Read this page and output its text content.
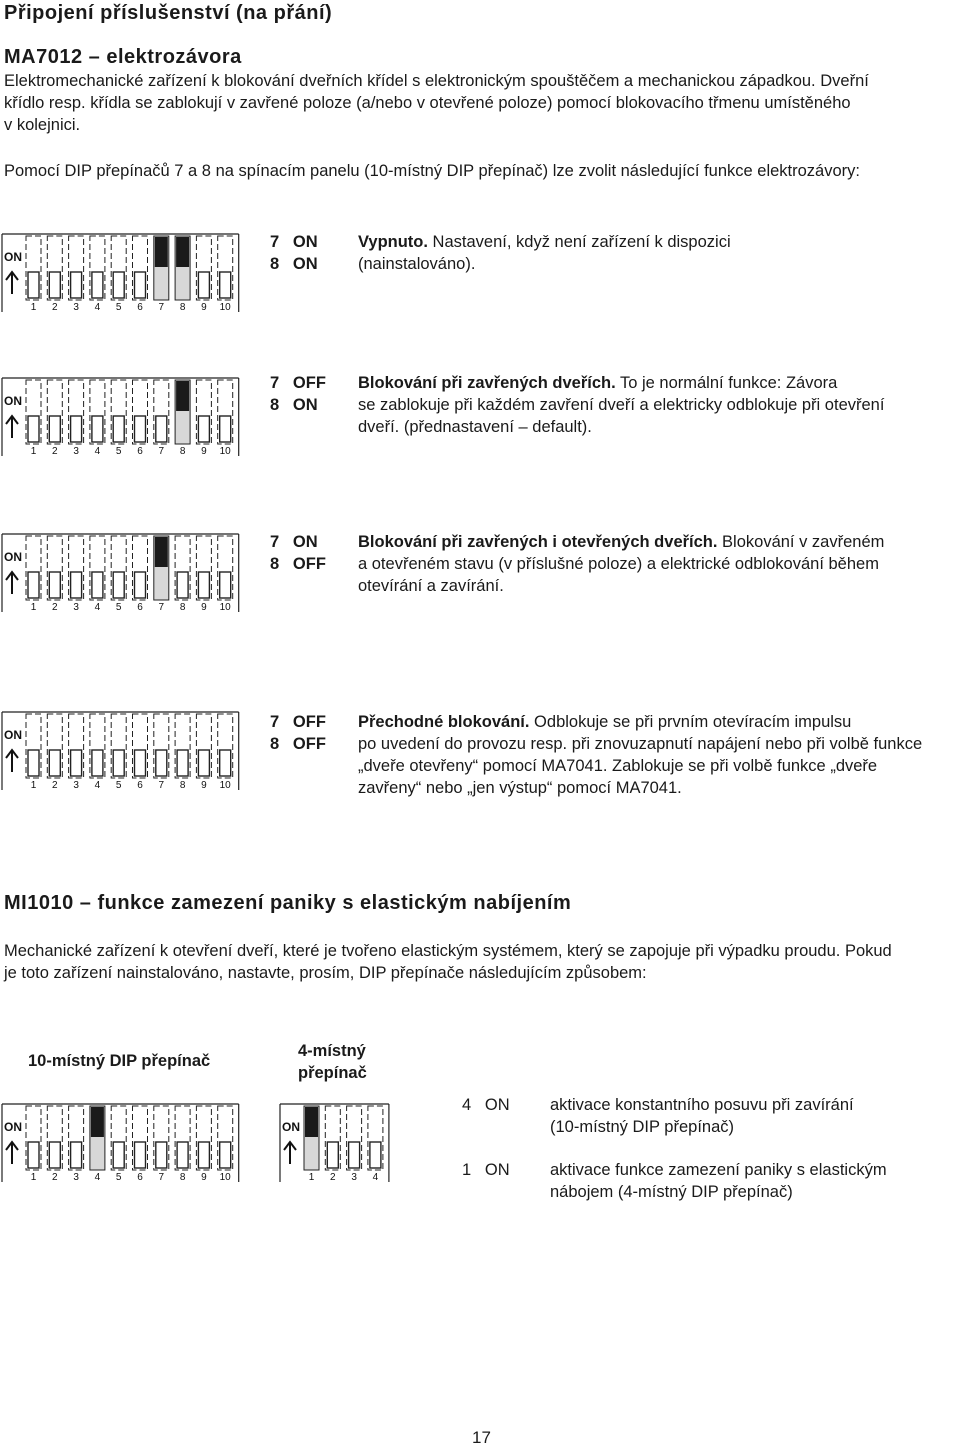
Připojení příslušenství (na přání)
MA7012 – elektrozávora
Elektromechanické zařízení k blokování dveřních křídel s elektronickým spouštěčem a mechanickou západkou. Dveřní
křídlo resp. křídla se zablokují v zavřené poloze (a/nebo v otevřené poloze) pomocí blokovacího třmenu umístěného
v kolejnici.
Pomocí DIP přepínačů 7 a 8 na spínacím panelu (10-místný DIP přepínač) lze zvolit následující funkce elektrozávory:
ON
1 2 3 4 5 6 7 8 9 10
7   ON
8   ON
Vypnuto. Nastavení, když není zařízení k dispozici
(nainstalováno).
ON
1 2 3 4 5 6 7 8 9 10
7   OFF
8   ON
Blokování při zavřených dveřích. To je normální funkce: Závora
se zablokuje při každém zavření dveří a elektricky odblokuje při otevření
dveří. (přednastavení – default).
ON
1 2 3 4 5 6 7 8 9 10
7   ON
8   OFF
Blokování při zavřených i otevřených dveřích. Blokování v zavřeném
a otevřeném stavu (v příslušné poloze) a elektrické odblokování během
otevírání a zavírání.
ON
1 2 3 4 5 6 7 8 9 10
7   OFF
8   OFF
Přechodné blokování. Odblokuje se při prvním otevíracím impulsu
po uvedení do provozu resp. při znovuzapnutí napájení nebo při volbě funkce
„dveře otevřeny“ pomocí MA7041. Zablokuje se při volbě funkce „dveře
zavřeny“ nebo „jen výstup“ pomocí MA7041.
MI1010 – funkce zamezení paniky s elastickým nabíjením
Mechanické zařízení k otevření dveří, které je tvořeno elastickým systémem, který se zapojuje při výpadku proudu. Pokud
je toto zařízení nainstalováno, nastavte, prosím, DIP přepínače následujícím způsobem:
10-místný DIP přepínač
4-místný
přepínač
ON
1 2 3 4 5 6 7 8 9 10
ON
1 2 3 4
4   ON aktivace konstantního posuvu při zavírání
(10-místný DIP přepínač)
1   ON aktivace funkce zamezení paniky s elastickým
nábojem (4-místný DIP přepínač)
17
